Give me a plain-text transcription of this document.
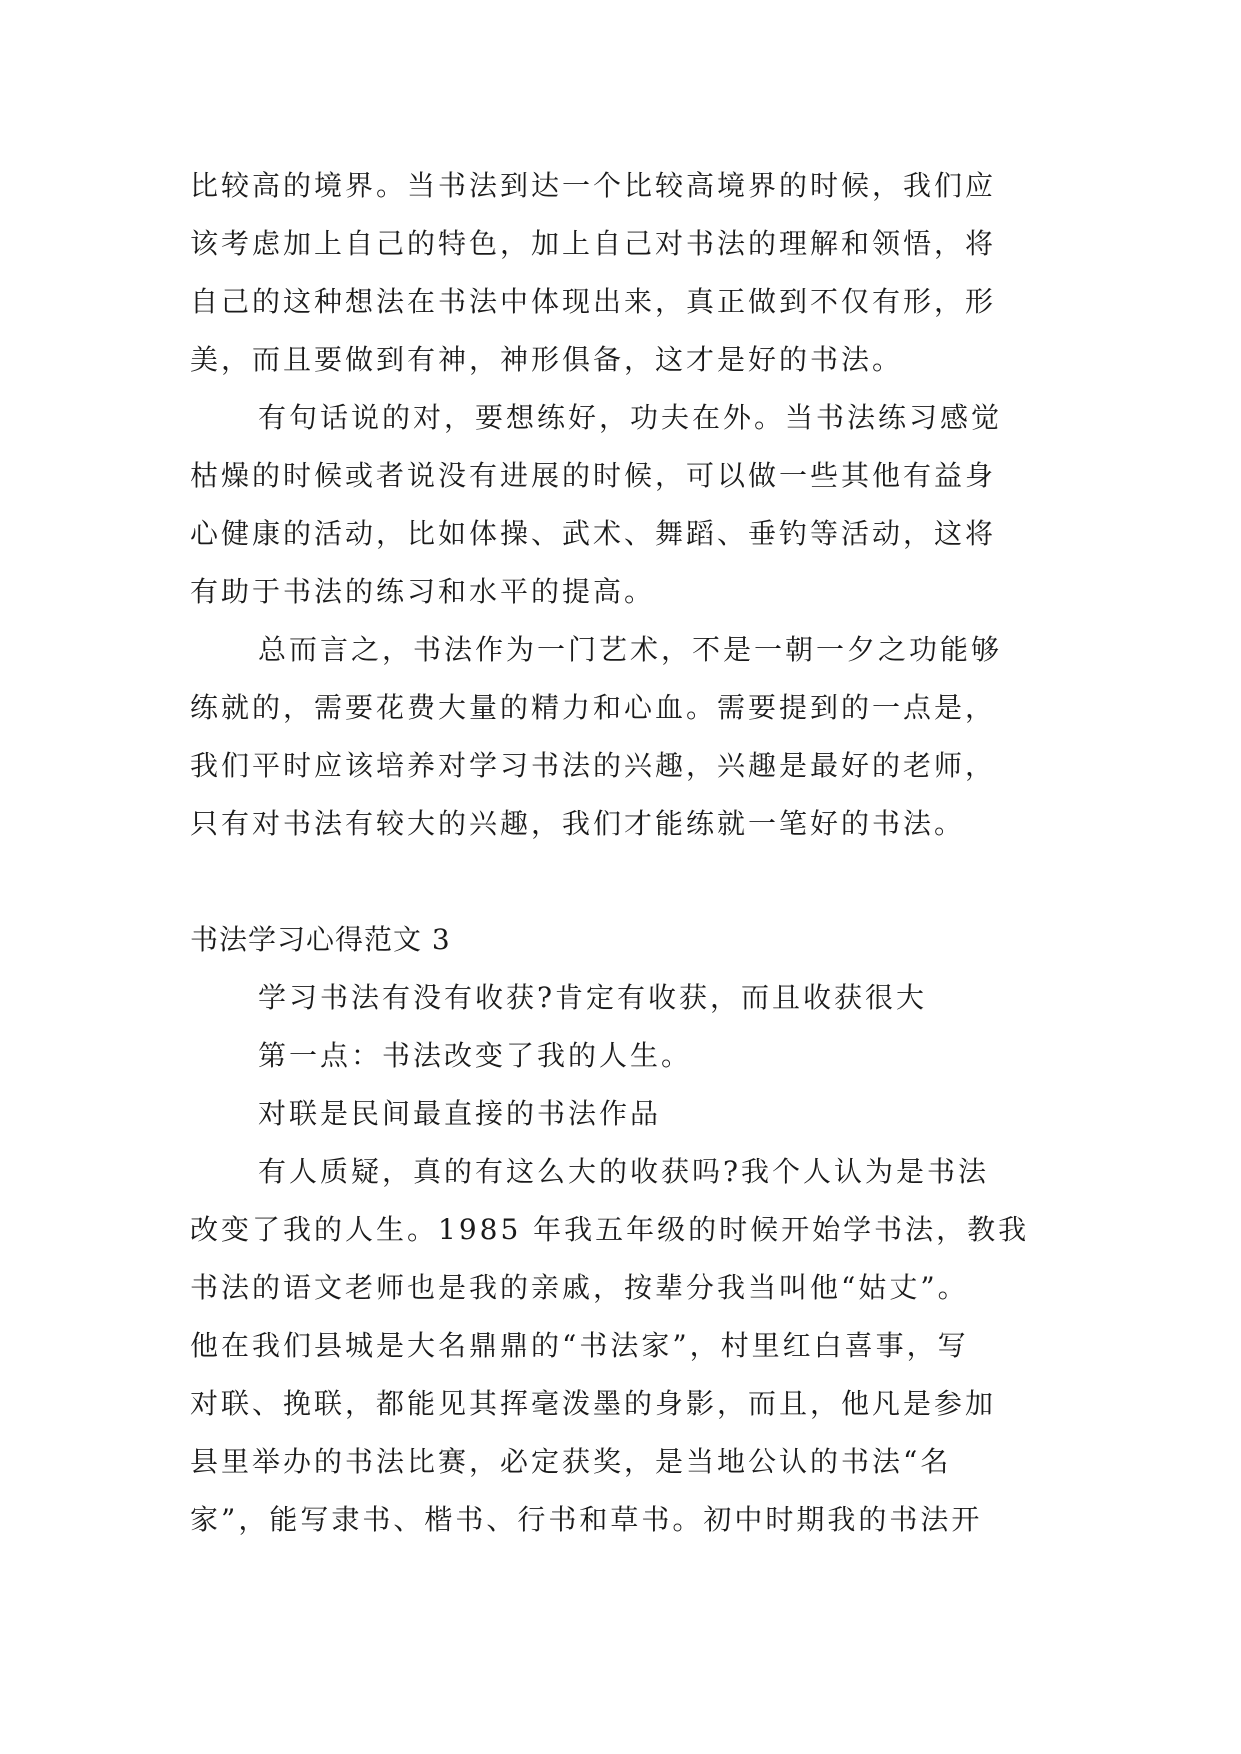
比较高的境界。当书法到达一个比较高境界的时候，我们应

该考虑加上自己的特色，加上自己对书法的理解和领悟，将

自己的这种想法在书法中体现出来，真正做到不仅有形，形

美，而且要做到有神，神形俱备，这才是好的书法。

有句话说的对，要想练好，功夫在外。当书法练习感觉

枯燥的时候或者说没有进展的时候，可以做一些其他有益身

心健康的活动，比如体操、武术、舞蹈、垂钓等活动，这将

有助于书法的练习和水平的提高。

总而言之，书法作为一门艺术，不是一朝一夕之功能够

练就的，需要花费大量的精力和心血。需要提到的一点是，

我们平时应该培养对学习书法的兴趣，兴趣是最好的老师，

只有对书法有较大的兴趣，我们才能练就一笔好的书法。

书法学习心得范文 3

学习书法有没有收获?肯定有收获，而且收获很大

第一点：书法改变了我的人生。

对联是民间最直接的书法作品

有人质疑，真的有这么大的收获吗?我个人认为是书法

改变了我的人生。1985 年我五年级的时候开始学书法，教我

书法的语文老师也是我的亲戚，按辈分我当叫他“姑丈”。

他在我们县城是大名鼎鼎的“书法家”，村里红白喜事，写

对联、挽联，都能见其挥毫泼墨的身影，而且，他凡是参加

县里举办的书法比赛，必定获奖，是当地公认的书法“名

家”，能写隶书、楷书、行书和草书。初中时期我的书法开
